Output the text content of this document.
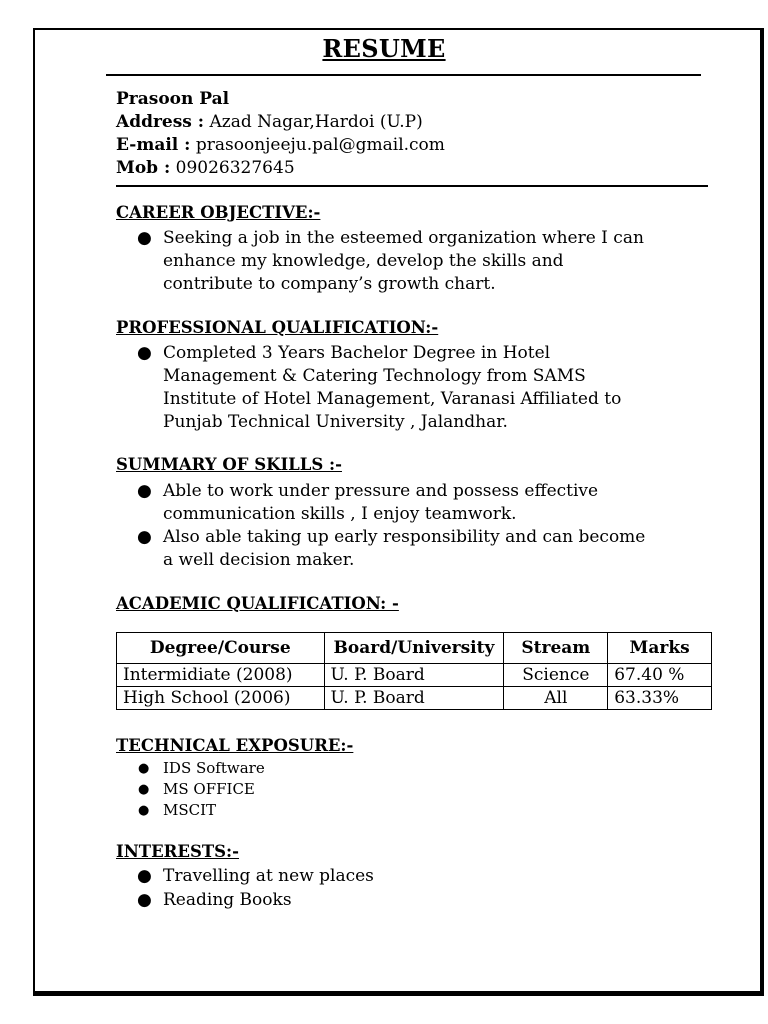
RESUME
Prasoon Pal
Address : Azad Nagar,Hardoi (U.P)
E-mail : prasoonjeeju.pal@gmail.com
Mob : 09026327645
CAREER OBJECTIVE:-
● Seeking a job in the esteemed organization where I can
enhance my knowledge, develop the skills and
contribute to company’s growth chart.
PROFESSIONAL QUALIFICATION:-
● Completed 3 Years Bachelor Degree in Hotel
Management & Catering Technology from SAMS
Institute of Hotel Management, Varanasi Affiliated to
Punjab Technical University , Jalandhar.
SUMMARY OF SKILLS :-
● Able to work under pressure and possess effective
communication skills , I enjoy teamwork.
● Also able taking up early responsibility and can become
a well decision maker.
ACADEMIC QUALIFICATION: -
Degree/Course	Board/University	Stream	Marks
Intermidiate (2008)	U. P. Board	Science	67.40 %
High School (2006)	U. P. Board	All	63.33%
TECHNICAL EXPOSURE:-
● IDS Software
● MS OFFICE
● MSCIT
INTERESTS:-
● Travelling at new places
● Reading Books
